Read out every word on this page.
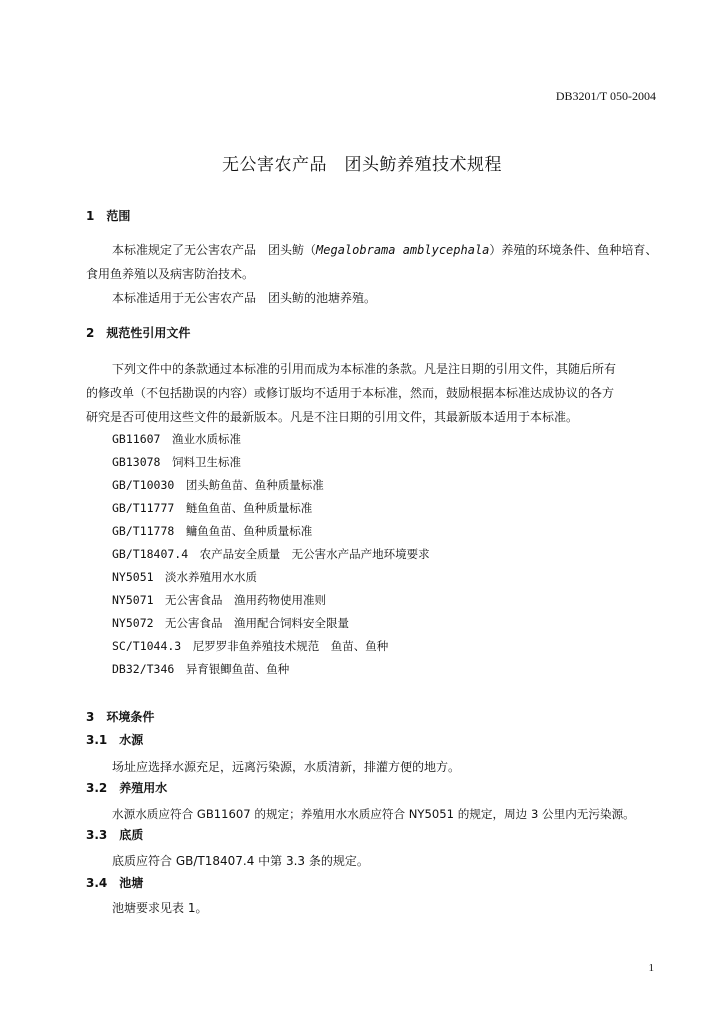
DB3201/T 050-2004
无公害农产品　团头鲂养殖技术规程
1　范围
本标准规定了无公害农产品　团头鲂（Megalobrama amblycephala）养殖的环境条件、鱼种培育、
食用鱼养殖以及病害防治技术。
本标准适用于无公害农产品　团头鲂的池塘养殖。
2　规范性引用文件
下列文件中的条款通过本标准的引用而成为本标准的条款。凡是注日期的引用文件，其随后所有
的修改单（不包括勘误的内容）或修订版均不适用于本标准，然而，鼓励根据本标准达成协议的各方
研究是否可使用这些文件的最新版本。凡是不注日期的引用文件，其最新版本适用于本标准。
GB11607　 渔业水质标准
GB13078　 饲料卫生标准
GB/T10030　 团头鲂鱼苗、鱼种质量标准
GB/T11777　 鲢鱼鱼苗、鱼种质量标准
GB/T11778　 鳙鱼鱼苗、鱼种质量标准
GB/T18407.4　 农产品安全质量　无公害水产品产地环境要求
NY5051　 淡水养殖用水水质
NY5071　 无公害食品　渔用药物使用准则
NY5072　 无公害食品　渔用配合饲料安全限量
SC/T1044.3　 尼罗罗非鱼养殖技术规范　鱼苗、鱼种
DB32/T346　 异育银鲫鱼苗、鱼种
3　环境条件
3.1　水源
场址应选择水源充足，远离污染源，水质清新，排灌方便的地方。
3.2　养殖用水
水源水质应符合 GB11607 的规定；养殖用水水质应符合 NY5051 的规定，周边 3 公里内无污染源。
3.3　底质
底质应符合 GB/T18407.4 中第 3.3 条的规定。
3.4　池塘
池塘要求见表 1。
1
